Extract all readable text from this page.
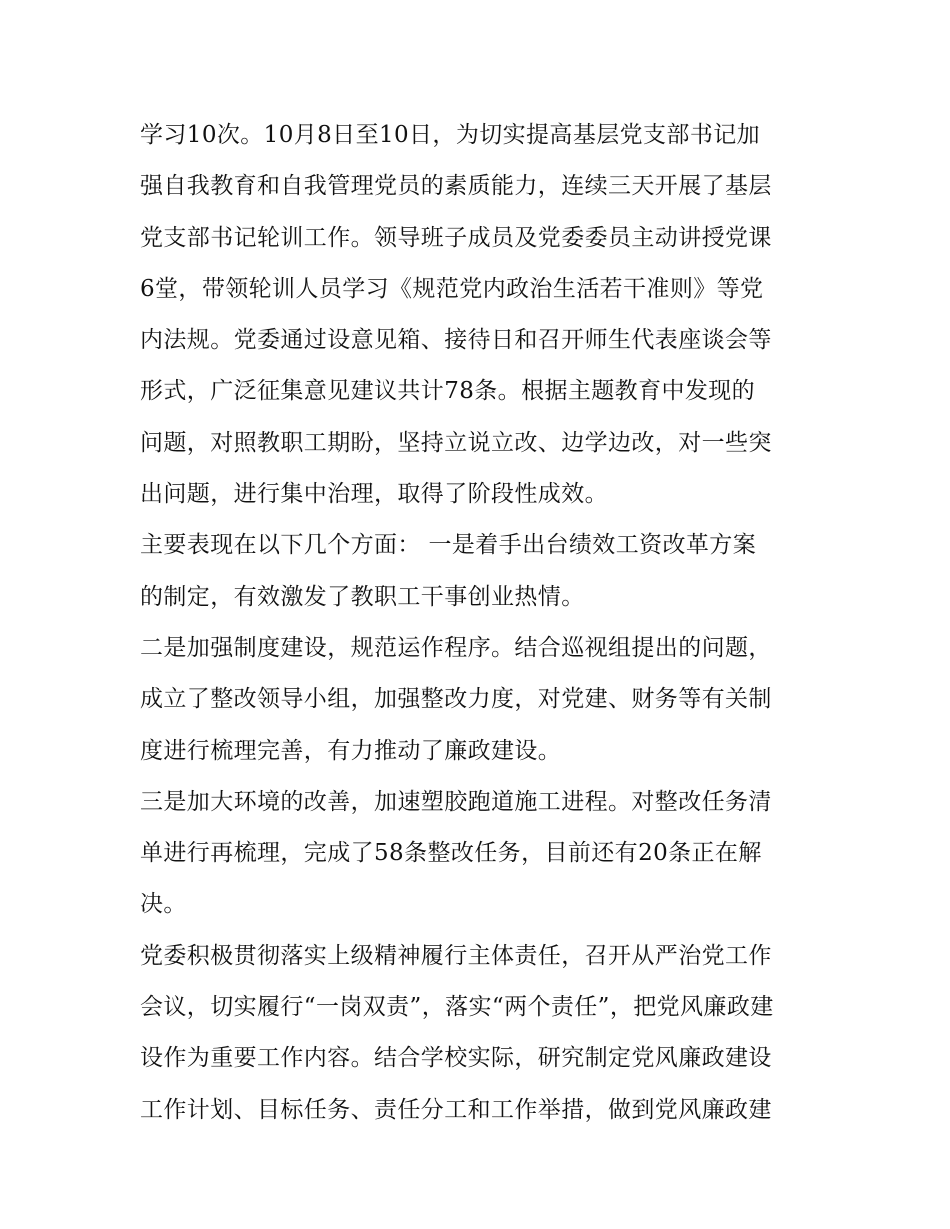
学习10次。10月8日至10日，为切实提高基层党支部书记加
强自我教育和自我管理党员的素质能力，连续三天开展了基层
党支部书记轮训工作。领导班子成员及党委委员主动讲授党课
6堂，带领轮训人员学习《规范党内政治生活若干准则》等党
内法规。党委通过设意见箱、接待日和召开师生代表座谈会等
形式，广泛征集意见建议共计78条。根据主题教育中发现的
问题，对照教职工期盼，坚持立说立改、边学边改，对一些突
出问题，进行集中治理，取得了阶段性成效。
主要表现在以下几个方面： 一是着手出台绩效工资改革方案
的制定，有效激发了教职工干事创业热情。
二是加强制度建设，规范运作程序。结合巡视组提出的问题，
成立了整改领导小组，加强整改力度，对党建、财务等有关制
度进行梳理完善，有力推动了廉政建设。
三是加大环境的改善，加速塑胶跑道施工进程。对整改任务清
单进行再梳理，完成了58条整改任务，目前还有20条正在解
决。
党委积极贯彻落实上级精神履行主体责任，召开从严治党工作
会议，切实履行“一岗双责”，落实“两个责任”，把党风廉政建
设作为重要工作内容。结合学校实际，研究制定党风廉政建设
工作计划、目标任务、责任分工和工作举措，做到党风廉政建
